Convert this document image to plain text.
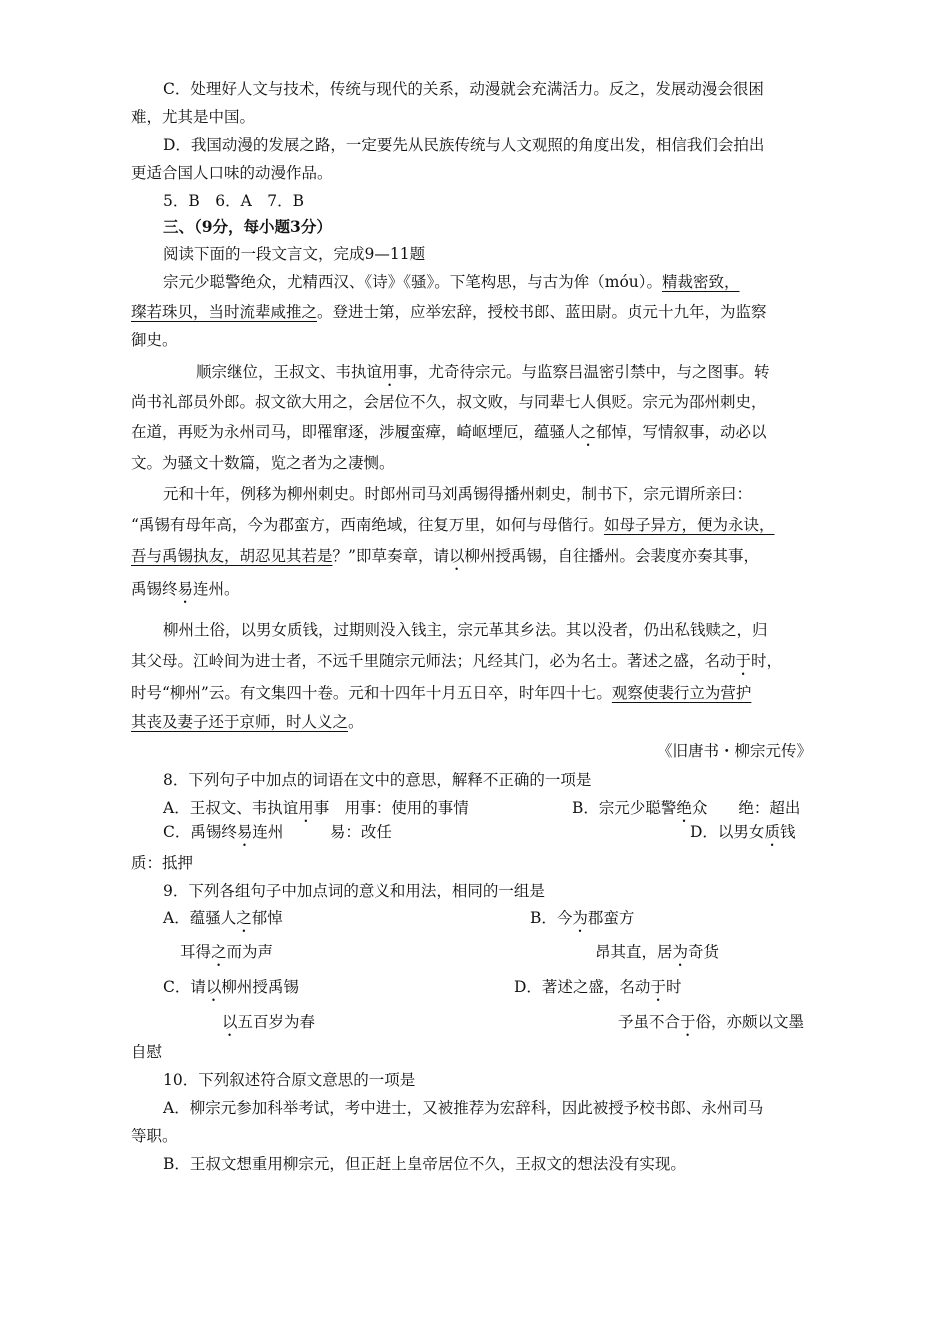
C．处理好人文与技术，传统与现代的关系，动漫就会充满活力。反之，发展动漫会很困
难，尤其是中国。
D．我国动漫的发展之路，一定要先从民族传统与人文观照的角度出发，相信我们会拍出
更适合国人口味的动漫作品。
5．B　6．A　7．B
三、（9分，每小题3分）
阅读下面的一段文言文，完成9—11题
宗元少聪警绝众，尤精西汉、《诗》《骚》。下笔构思，与古为侔（móu）。精裁密致，
璨若珠贝，当时流辈咸推之。登进士第，应举宏辞，授校书郎、蓝田尉。贞元十九年，为监察
御史。
顺宗继位，王叔文、韦执谊用事，尤奇待宗元。与监察吕温密引禁中，与之图事。转
尚书礼部员外郎。叔文欲大用之，会居位不久，叔文败，与同辈七人俱贬。宗元为邵州刺史，
在道，再贬为永州司马，即罹窜逐，涉履蛮瘴，崎岖堙厄，蕴骚人之郁悼，写情叙事，动必以
文。为骚文十数篇，览之者为之凄恻。
元和十年，例移为柳州刺史。时郎州司马刘禹锡得播州刺史，制书下，宗元谓所亲曰：
“禹锡有母年高，今为郡蛮方，西南绝域，往复万里，如何与母偕行。如母子异方，便为永诀，
吾与禹锡执友，胡忍见其若是？”即草奏章，请以柳州授禹锡，自往播州。会裴度亦奏其事，
禹锡终易连州。
柳州土俗，以男女质钱，过期则没入钱主，宗元革其乡法。其以没者，仍出私钱赎之，归
其父母。江岭间为进士者，不远千里随宗元师法；凡经其门，必为名士。著述之盛，名动于时，
时号“柳州”云。有文集四十卷。元和十四年十月五日卒，时年四十七。观察使裴行立为营护
其丧及妻子还于京师，时人义之。
《旧唐书・柳宗元传》
8．下列句子中加点的词语在文中的意思，解释不正确的一项是
A．王叔文、韦执谊用事　用事：使用的事情	B．宗元少聪警绝众　　绝：超出
C．禹锡终易连州　　　易：改任	D．以男女质钱
质：抵押
9．下列各组句子中加点词的意义和用法，相同的一组是
A．蕴骚人之郁悼	B．今为郡蛮方
耳得之而为声	昂其直，居为奇货
C．请以柳州授禹锡	D．著述之盛，名动于时
以五百岁为春	予虽不合于俗，亦颇以文墨
自慰
10．下列叙述符合原文意思的一项是
A．柳宗元参加科举考试，考中进士，又被推荐为宏辞科，因此被授予校书郎、永州司马
等职。
B．王叔文想重用柳宗元，但正赶上皇帝居位不久，王叔文的想法没有实现。
